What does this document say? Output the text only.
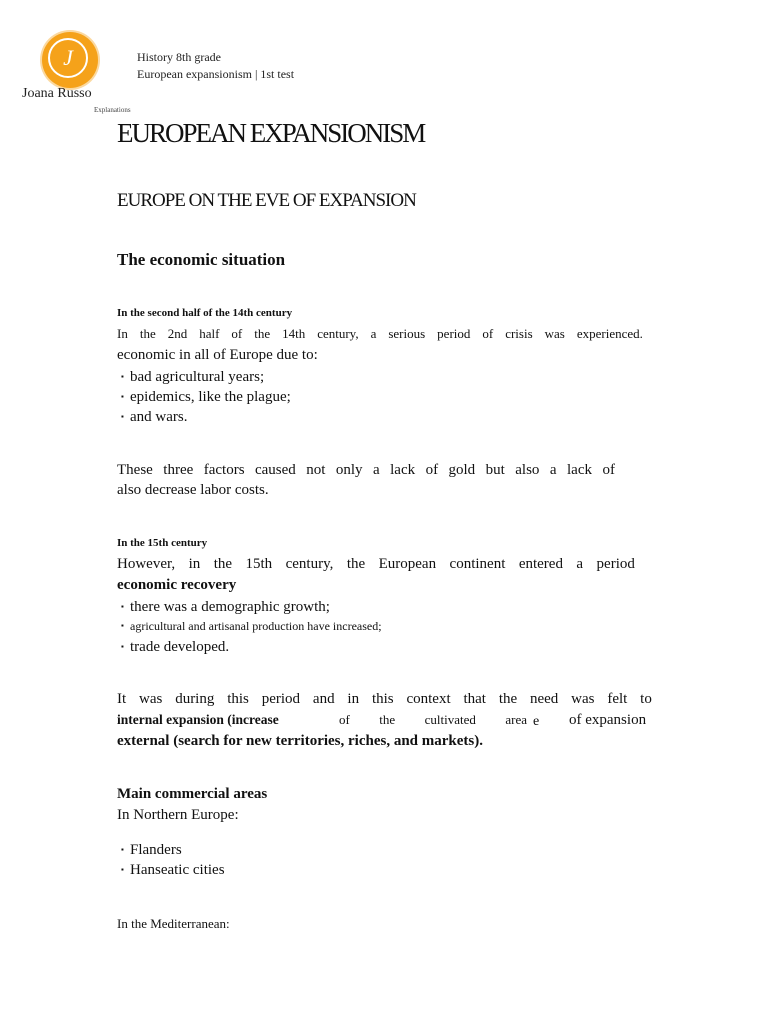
J
Joana Russo
Explanations
History 8th grade
European expansionism | 1st test
EUROPEAN EXPANSIONISM
EUROPE ON THE EVE OF EXPANSION
The economic situation
In the second half of the 14th century
In the 2nd half of the 14th century, a serious period of crisis was experienced.
economic in all of Europe due to:
▪ bad agricultural years;
▪ epidemics, like the plague;
▪ and wars.
These three factors caused not only a lack of gold but also a lack of
also decrease labor costs.
In the 15th century
However, in the 15th century, the European continent entered a period
economic recovery
▪ there was a demographic growth;
▪ agricultural and artisanal production have increased;
▪ trade developed.
It was during this period and in this context that the need was felt to
internal expansion (increase	of the cultivated area e of expansion
external (search for new territories, riches, and markets).
Main commercial areas
In Northern Europe:
▪ Flanders
▪ Hanseatic cities
In the Mediterranean:
